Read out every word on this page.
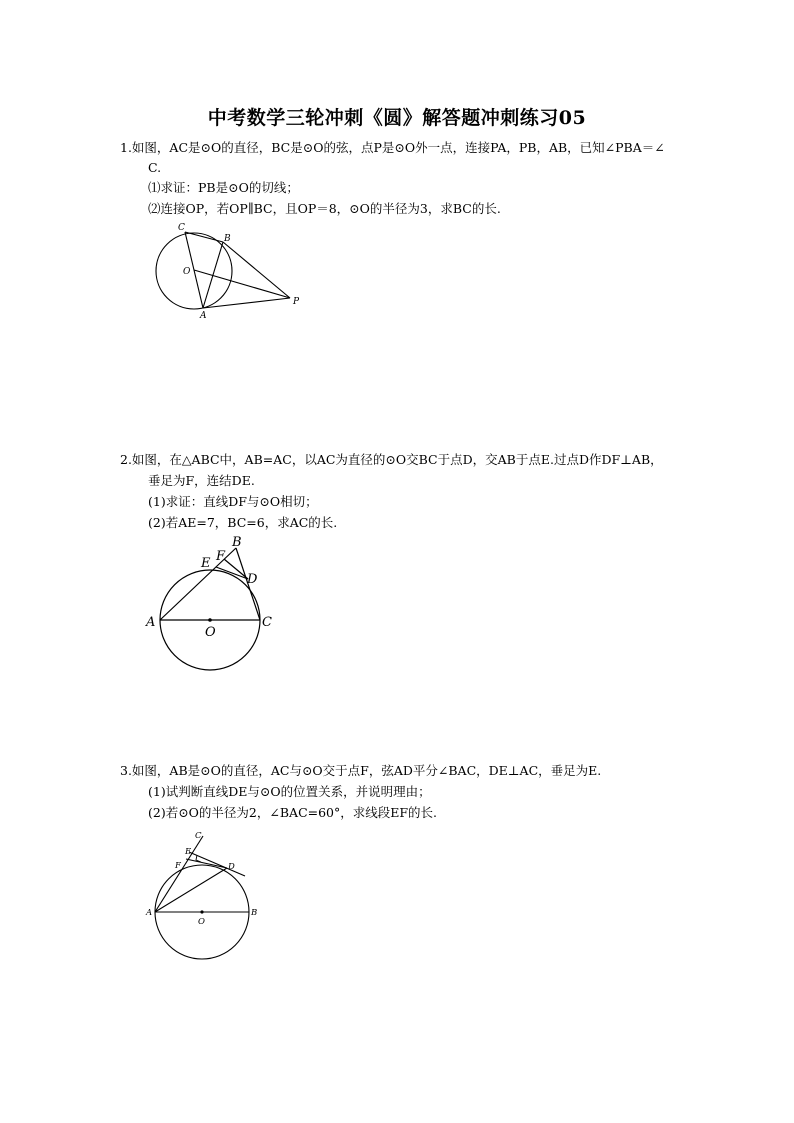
中考数学三轮冲刺《圆》解答题冲刺练习05
1.如图，AC是⊙O的直径，BC是⊙O的弦，点P是⊙O外一点，连接PA，PB，AB，已知∠PBA＝∠
C.
⑴求证：PB是⊙O的切线；
⑵连接OP，若OP∥BC，且OP＝8，⊙O的半径为3，求BC的长.
C
B
O
A
P
2.如图，在△ABC中，AB=AC，以AC为直径的⊙O交BC于点D，交AB于点E.过点D作DF⊥AB，
垂足为F，连结DE.
(1)求证：直线DF与⊙O相切；
(2)若AE=7，BC=6，求AC的长.
B
E F
D
A
O
C
3.如图，AB是⊙O的直径，AC与⊙O交于点F，弦AD平分∠BAC，DE⊥AC，垂足为E.
(1)试判断直线DE与⊙O的位置关系，并说明理由；
(2)若⊙O的半径为2，∠BAC=60°，求线段EF的长.
C
E
F	D
A
O
B
